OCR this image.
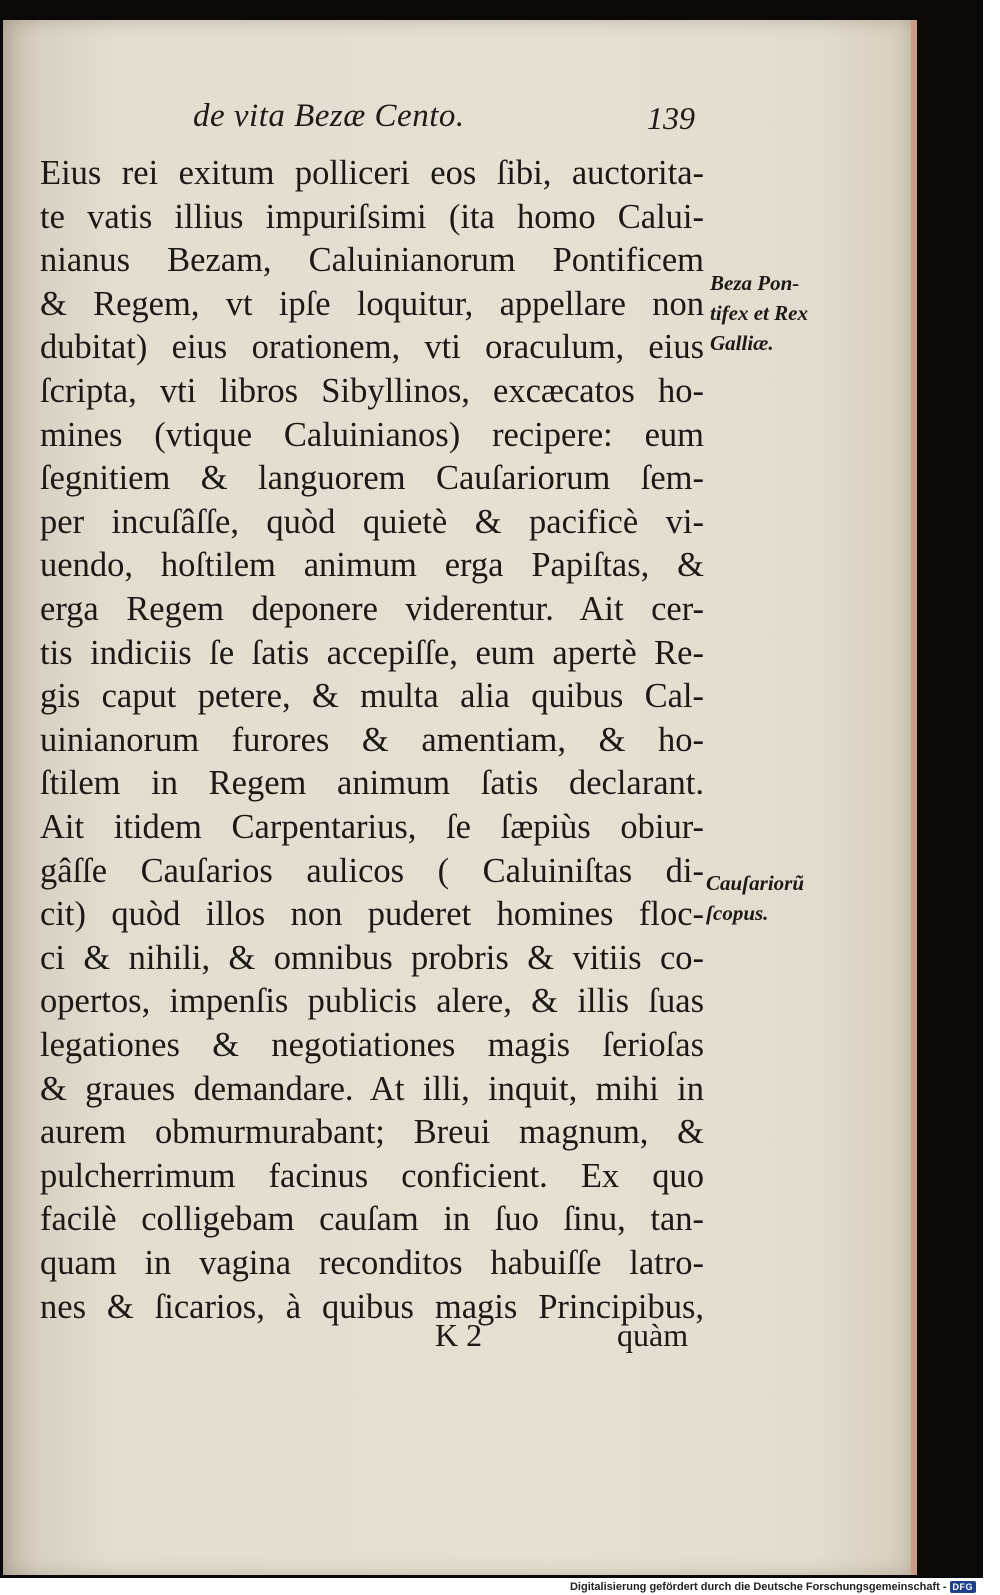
de vita Bezæ Cento.	139
Eius rei exitum polliceri eos ſibi, auctorita-
te vatis illius impuriſsimi (ita homo Calui-
nianus Bezam, Caluinianorum Pontificem
& Regem, vt ipſe loquitur, appellare non
dubitat) eius orationem, vti oraculum, eius
ſcripta, vti libros Sibyllinos, excæcatos ho-
mines (vtique Caluinianos) recipere: eum
ſegnitiem & languorem Cauſariorum ſem-
per incuſâſſe, quòd quietè & pacificè vi-
uendo, hoſtilem animum erga Papiſtas, &
erga Regem deponere viderentur. Ait cer-
tis indiciis ſe ſatis accepiſſe, eum apertè Re-
gis caput petere, & multa alia quibus Cal-
uinianorum furores & amentiam, & ho-
ſtilem in Regem animum ſatis declarant.
Ait itidem Carpentarius, ſe ſæpiùs obiur-
gâſſe Cauſarios aulicos ( Caluiniſtas di-
cit) quòd illos non puderet homines floc-
ci & nihili, & omnibus probris & vitiis co-
opertos, impenſis publicis alere, & illis ſuas
legationes & negotiationes magis ſerioſas
& graues demandare. At illi, inquit, mihi in
aurem obmurmurabant; Breui magnum, &
pulcherrimum facinus conficient. Ex quo
facilè colligebam cauſam in ſuo ſinu, tan-
quam in vagina reconditos habuiſſe latro-
nes & ſicarios, à quibus magis Principibus,
Beza Pon-
tifex et Rex
Galliæ.
Cauſariorũ
ſcopus.
K 2	quàm
Digitalisierung gefördert durch die Deutsche Forschungsgemeinschaft - DFG
